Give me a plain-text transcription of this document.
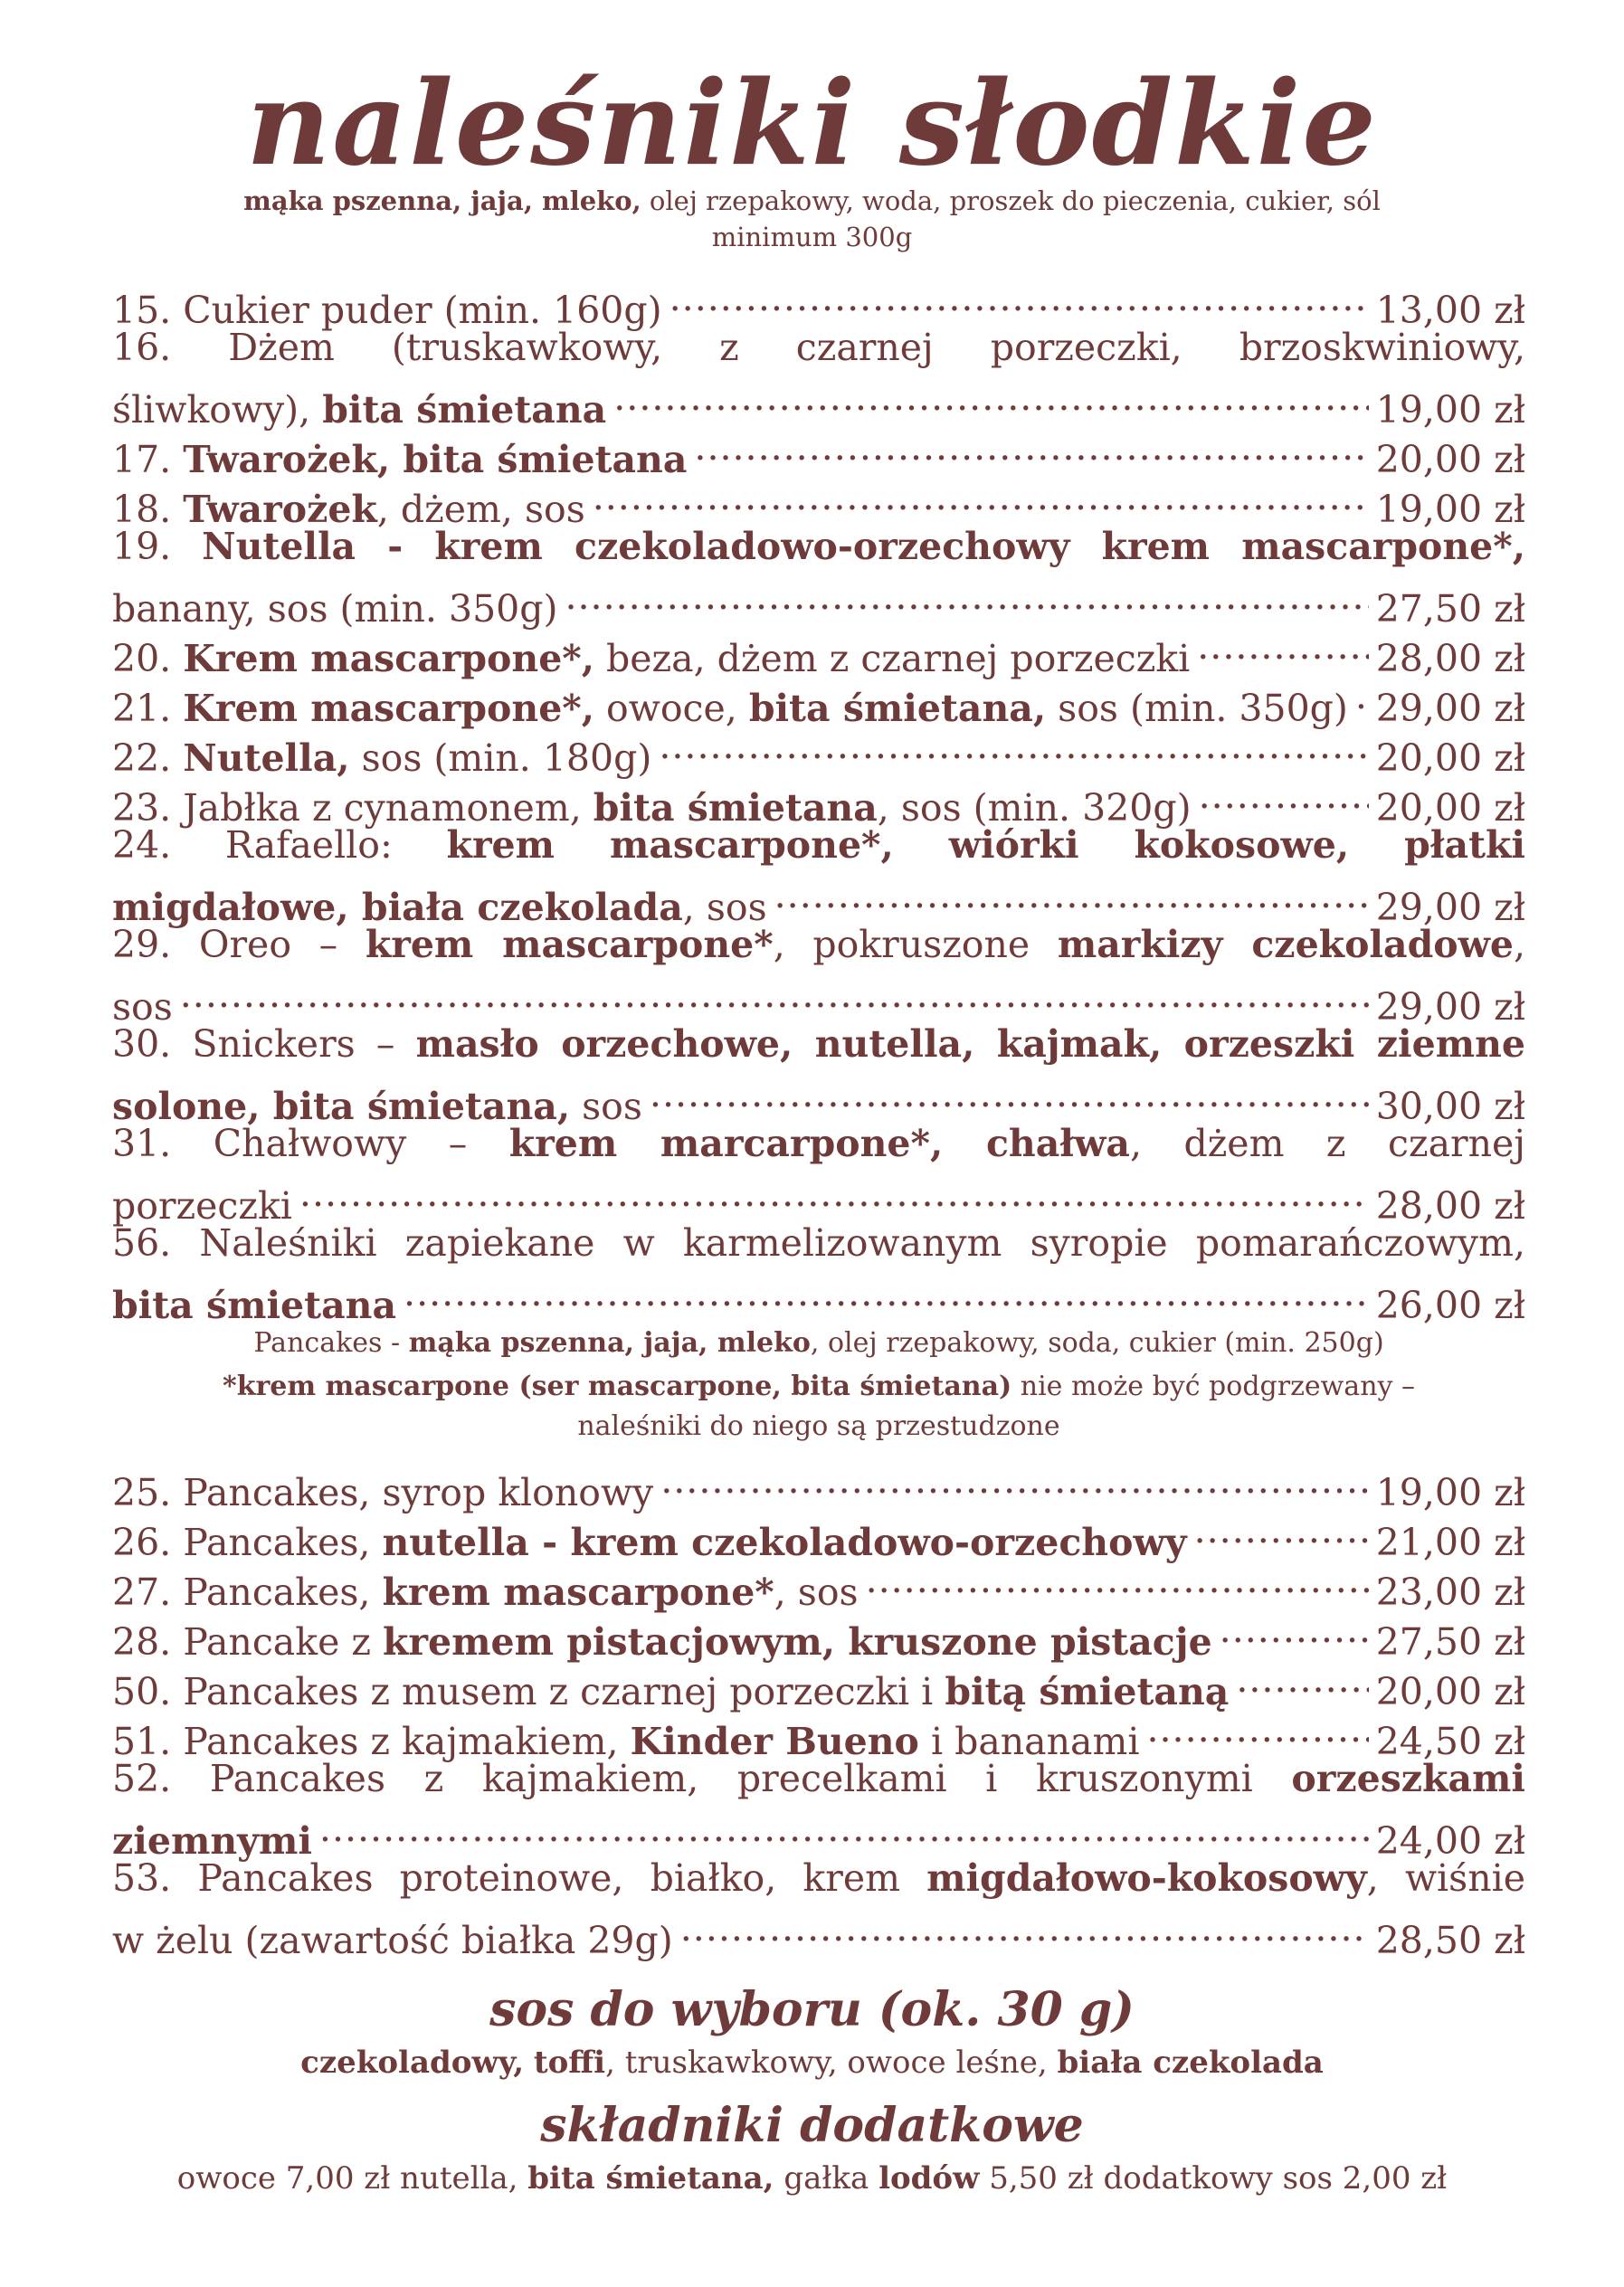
naleśniki słodkie
mąka pszenna, jaja, mleko, olej rzepakowy, woda, proszek do pieczenia, cukier, sól
minimum 300g
15. Cukier puder (min. 160g) .....	13,00 zł
16. Dżem (truskawkowy, z czarnej porzeczki, brzoskwiniowy,
śliwkowy), bita śmietana .....	19,00 zł
17. Twarożek, bita śmietana .....	20,00 zł
18. Twarożek, dżem, sos .....	19,00 zł
19. Nutella - krem czekoladowo-orzechowy krem mascarpone*,
banany, sos (min. 350g) .....	27,50 zł
20. Krem mascarpone*, beza, dżem z czarnej porzeczki .....	28,00 zł
21. Krem mascarpone*, owoce, bita śmietana, sos (min. 350g) ..... 29,00 zł
22. Nutella, sos (min. 180g) .....	20,00 zł
23. Jabłka z cynamonem, bita śmietana, sos (min. 320g) .....	20,00 zł
24. Rafaello: krem mascarpone*, wiórki kokosowe, płatki
migdałowe, biała czekolada, sos .....	29,00 zł
29. Oreo – krem mascarpone*, pokruszone markizy czekoladowe,
sos .....	29,00 zł
30. Snickers – masło orzechowe, nutella, kajmak, orzeszki ziemne
solone, bita śmietana, sos .....	30,00 zł
31. Chałwowy – krem marcarpone*, chałwa, dżem z czarnej
porzeczki .....	28,00 zł
56. Naleśniki zapiekane w karmelizowanym syropie pomarańczowym,
bita śmietana .....	26,00 zł
Pancakes - mąka pszenna, jaja, mleko, olej rzepakowy, soda, cukier (min. 250g)
*krem mascarpone (ser mascarpone, bita śmietana) nie może być podgrzewany –
naleśniki do niego są przestudzone
25. Pancakes, syrop klonowy .....	19,00 zł
26. Pancakes, nutella - krem czekoladowo-orzechowy .....	21,00 zł
27. Pancakes, krem mascarpone*, sos .....	23,00 zł
28. Pancake z kremem pistacjowym, kruszone pistacje .....	27,50 zł
50. Pancakes z musem z czarnej porzeczki i bitą śmietaną .....	20,00 zł
51. Pancakes z kajmakiem, Kinder Bueno i bananami .....	24,50 zł
52. Pancakes z kajmakiem, precelkami i kruszonymi orzeszkami
ziemnymi .....	24,00 zł
53. Pancakes proteinowe, białko, krem migdałowo-kokosowy, wiśnie
w żelu (zawartość białka 29g) .....	28,50 zł
sos do wyboru (ok. 30 g)
czekoladowy, toffi, truskawkowy, owoce leśne, biała czekolada
składniki dodatkowe
owoce 7,00 zł nutella, bita śmietana, gałka lodów 5,50 zł dodatkowy sos 2,00 zł
